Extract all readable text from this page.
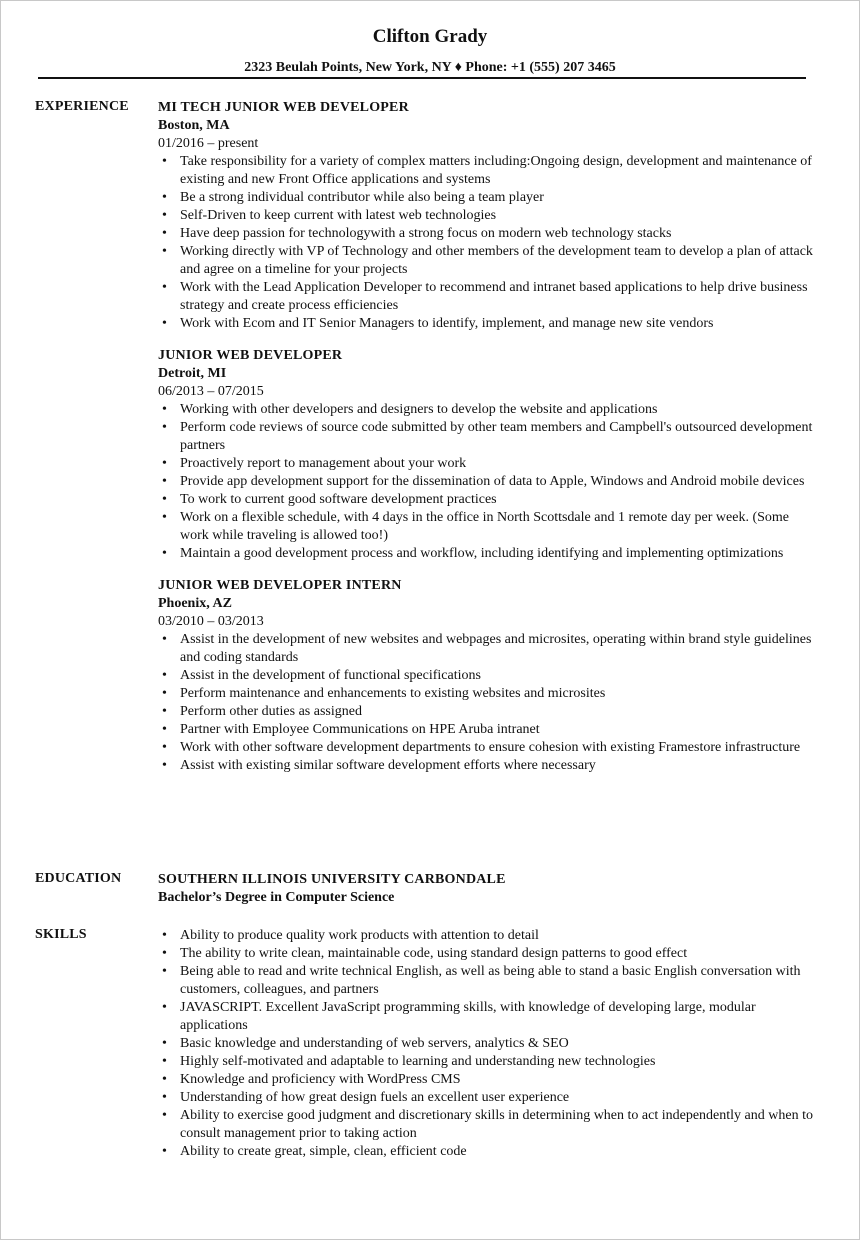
Clifton Grady
2323 Beulah Points, New York, NY ♦ Phone: +1 (555) 207 3465
EXPERIENCE MI TECH JUNIOR WEB DEVELOPER
Boston, MA
01/2016 – present
• Take responsibility for a variety of complex matters including:Ongoing design, development and maintenance of existing and new Front Office applications and systems
• Be a strong individual contributor while also being a team player
• Self-Driven to keep current with latest web technologies
• Have deep passion for technologywith a strong focus on modern web technology stacks
• Working directly with VP of Technology and other members of the development team to develop a plan of attack and agree on a timeline for your projects
• Work with the Lead Application Developer to recommend and intranet based applications to help drive business strategy and create process efficiencies
• Work with Ecom and IT Senior Managers to identify, implement, and manage new site vendors
JUNIOR WEB DEVELOPER
Detroit, MI
06/2013 – 07/2015
• Working with other developers and designers to develop the website and applications
• Perform code reviews of source code submitted by other team members and Campbell's outsourced development partners
• Proactively report to management about your work
• Provide app development support for the dissemination of data to Apple, Windows and Android mobile devices
• To work to current good software development practices
• Work on a flexible schedule, with 4 days in the office in North Scottsdale and 1 remote day per week. (Some work while traveling is allowed too!)
• Maintain a good development process and workflow, including identifying and implementing optimizations
JUNIOR WEB DEVELOPER INTERN
Phoenix, AZ
03/2010 – 03/2013
• Assist in the development of new websites and webpages and microsites, operating within brand style guidelines and coding standards
• Assist in the development of functional specifications
• Perform maintenance and enhancements to existing websites and microsites
• Perform other duties as assigned
• Partner with Employee Communications on HPE Aruba intranet
• Work with other software development departments to ensure cohesion with existing Framestore infrastructure
• Assist with existing similar software development efforts where necessary
EDUCATION	SOUTHERN ILLINOIS UNIVERSITY CARBONDALE
Bachelor’s Degree in Computer Science
SKILLS	• Ability to produce quality work products with attention to detail
• The ability to write clean, maintainable code, using standard design patterns to good effect
• Being able to read and write technical English, as well as being able to stand a basic English conversation with customers, colleagues, and partners
• JAVASCRIPT. Excellent JavaScript programming skills, with knowledge of developing large, modular applications
• Basic knowledge and understanding of web servers, analytics & SEO
• Highly self-motivated and adaptable to learning and understanding new technologies
• Knowledge and proficiency with WordPress CMS
• Understanding of how great design fuels an excellent user experience
• Ability to exercise good judgment and discretionary skills in determining when to act independently and when to consult management prior to taking action
• Ability to create great, simple, clean, efficient code
